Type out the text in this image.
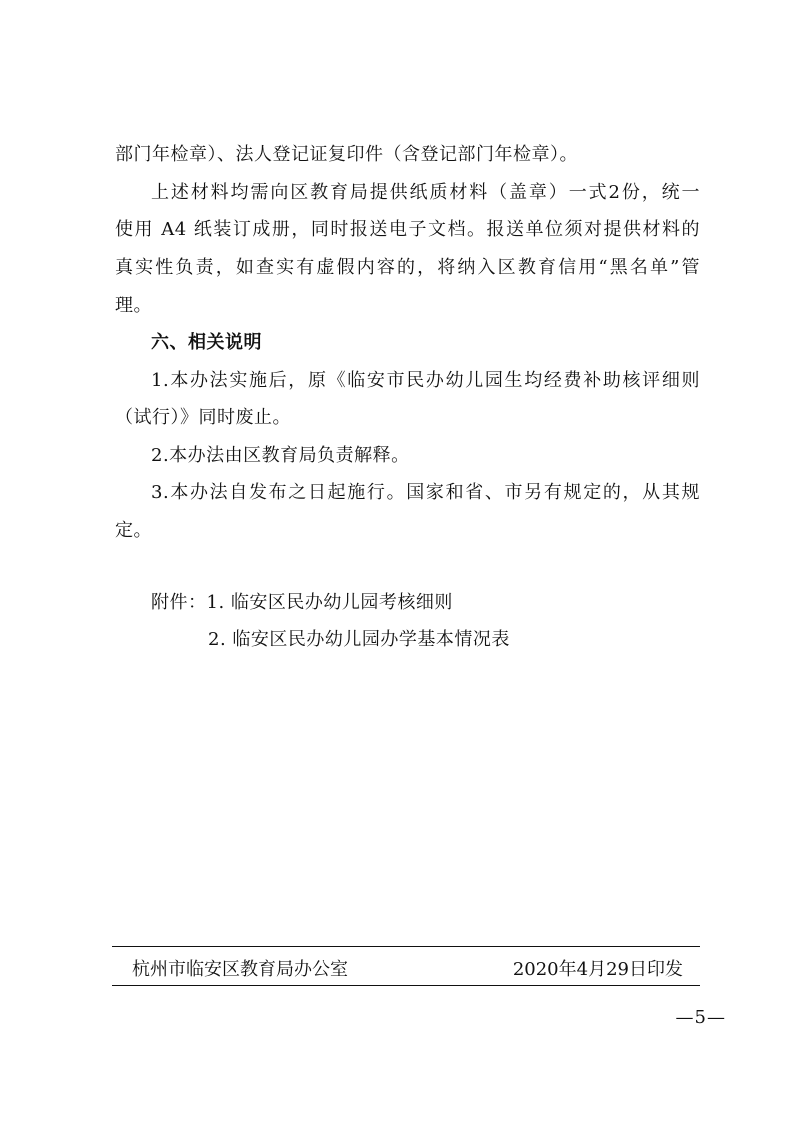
部门年检章）、法人登记证复印件（含登记部门年检章）。
上述材料均需向区教育局提供纸质材料（盖章）一式2份，统一
使用 A4 纸装订成册，同时报送电子文档。报送单位须对提供材料的
真实性负责，如查实有虚假内容的，将纳入区教育信用“黑名单”管
理。
六、相关说明
1.本办法实施后，原《临安市民办幼儿园生均经费补助核评细则
（试行）》同时废止。
2.本办法由区教育局负责解释。
3.本办法自发布之日起施行。国家和省、市另有规定的，从其规
定。
附件：1. 临安区民办幼儿园考核细则
2. 临安区民办幼儿园办学基本情况表
杭州市临安区教育局办公室	2020年4月29日印发
—5—
